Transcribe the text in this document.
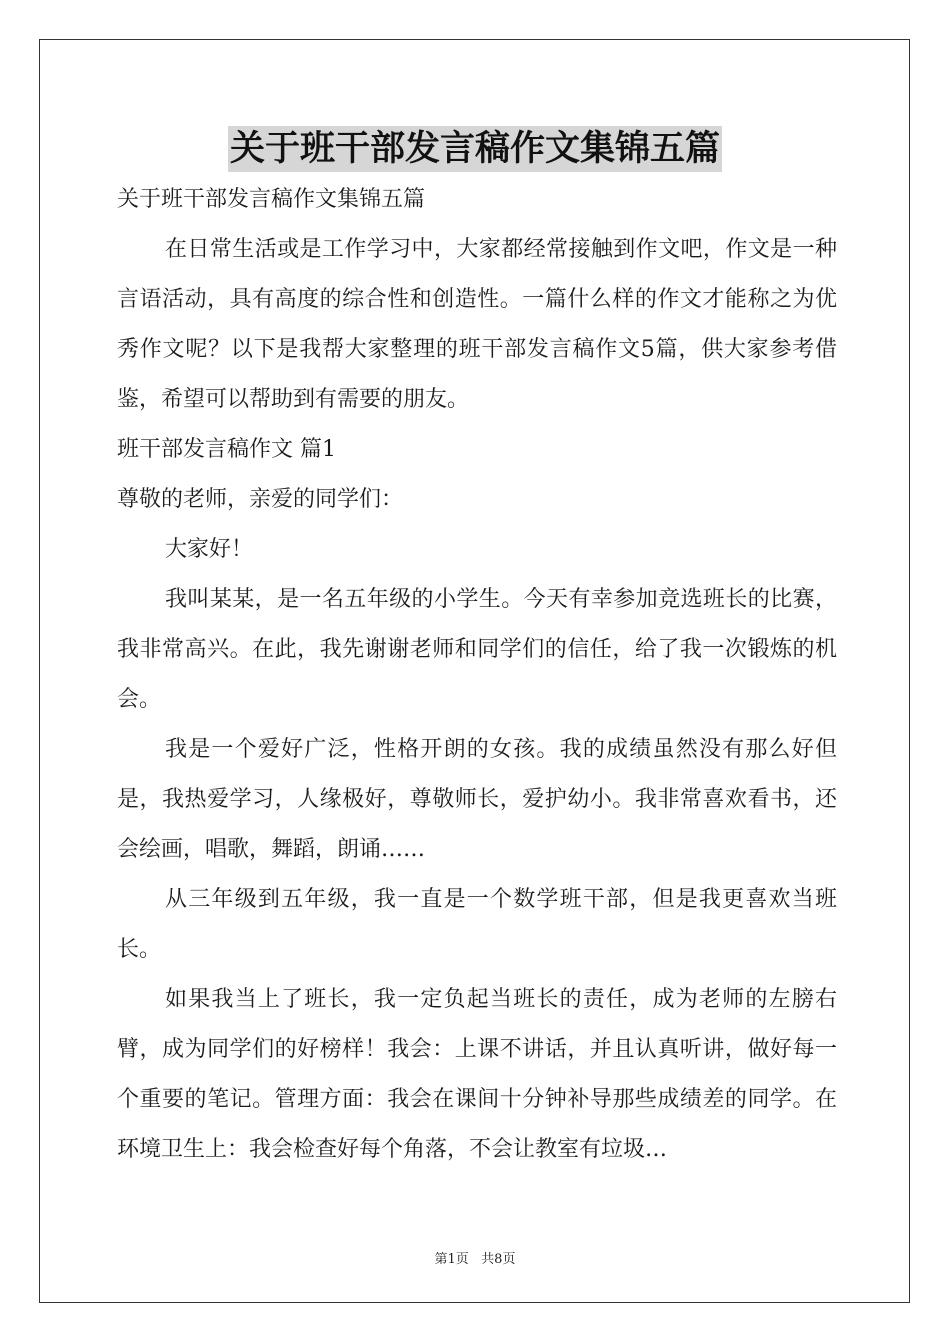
关于班干部发言稿作文集锦五篇

关于班干部发言稿作文集锦五篇

在日常生活或是工作学习中，大家都经常接触到作文吧，作文是一种言语活动，具有高度的综合性和创造性。一篇什么样的作文才能称之为优秀作文呢？以下是我帮大家整理的班干部发言稿作文5篇，供大家参考借鉴，希望可以帮助到有需要的朋友。

班干部发言稿作文 篇1

尊敬的老师，亲爱的同学们：

大家好！

我叫某某，是一名五年级的小学生。今天有幸参加竞选班长的比赛，我非常高兴。在此，我先谢谢老师和同学们的信任，给了我一次锻炼的机会。

我是一个爱好广泛，性格开朗的女孩。我的成绩虽然没有那么好但是，我热爱学习，人缘极好，尊敬师长，爱护幼小。我非常喜欢看书，还会绘画，唱歌，舞蹈，朗诵……

从三年级到五年级，我一直是一个数学班干部，但是我更喜欢当班长。

如果我当上了班长，我一定负起当班长的责任，成为老师的左膀右臂，成为同学们的好榜样！我会：上课不讲话，并且认真听讲，做好每一个重要的笔记。管理方面：我会在课间十分钟补导那些成绩差的同学。在环境卫生上：我会检查好每个角落，不会让教室有垃圾…

第1页   共8页
